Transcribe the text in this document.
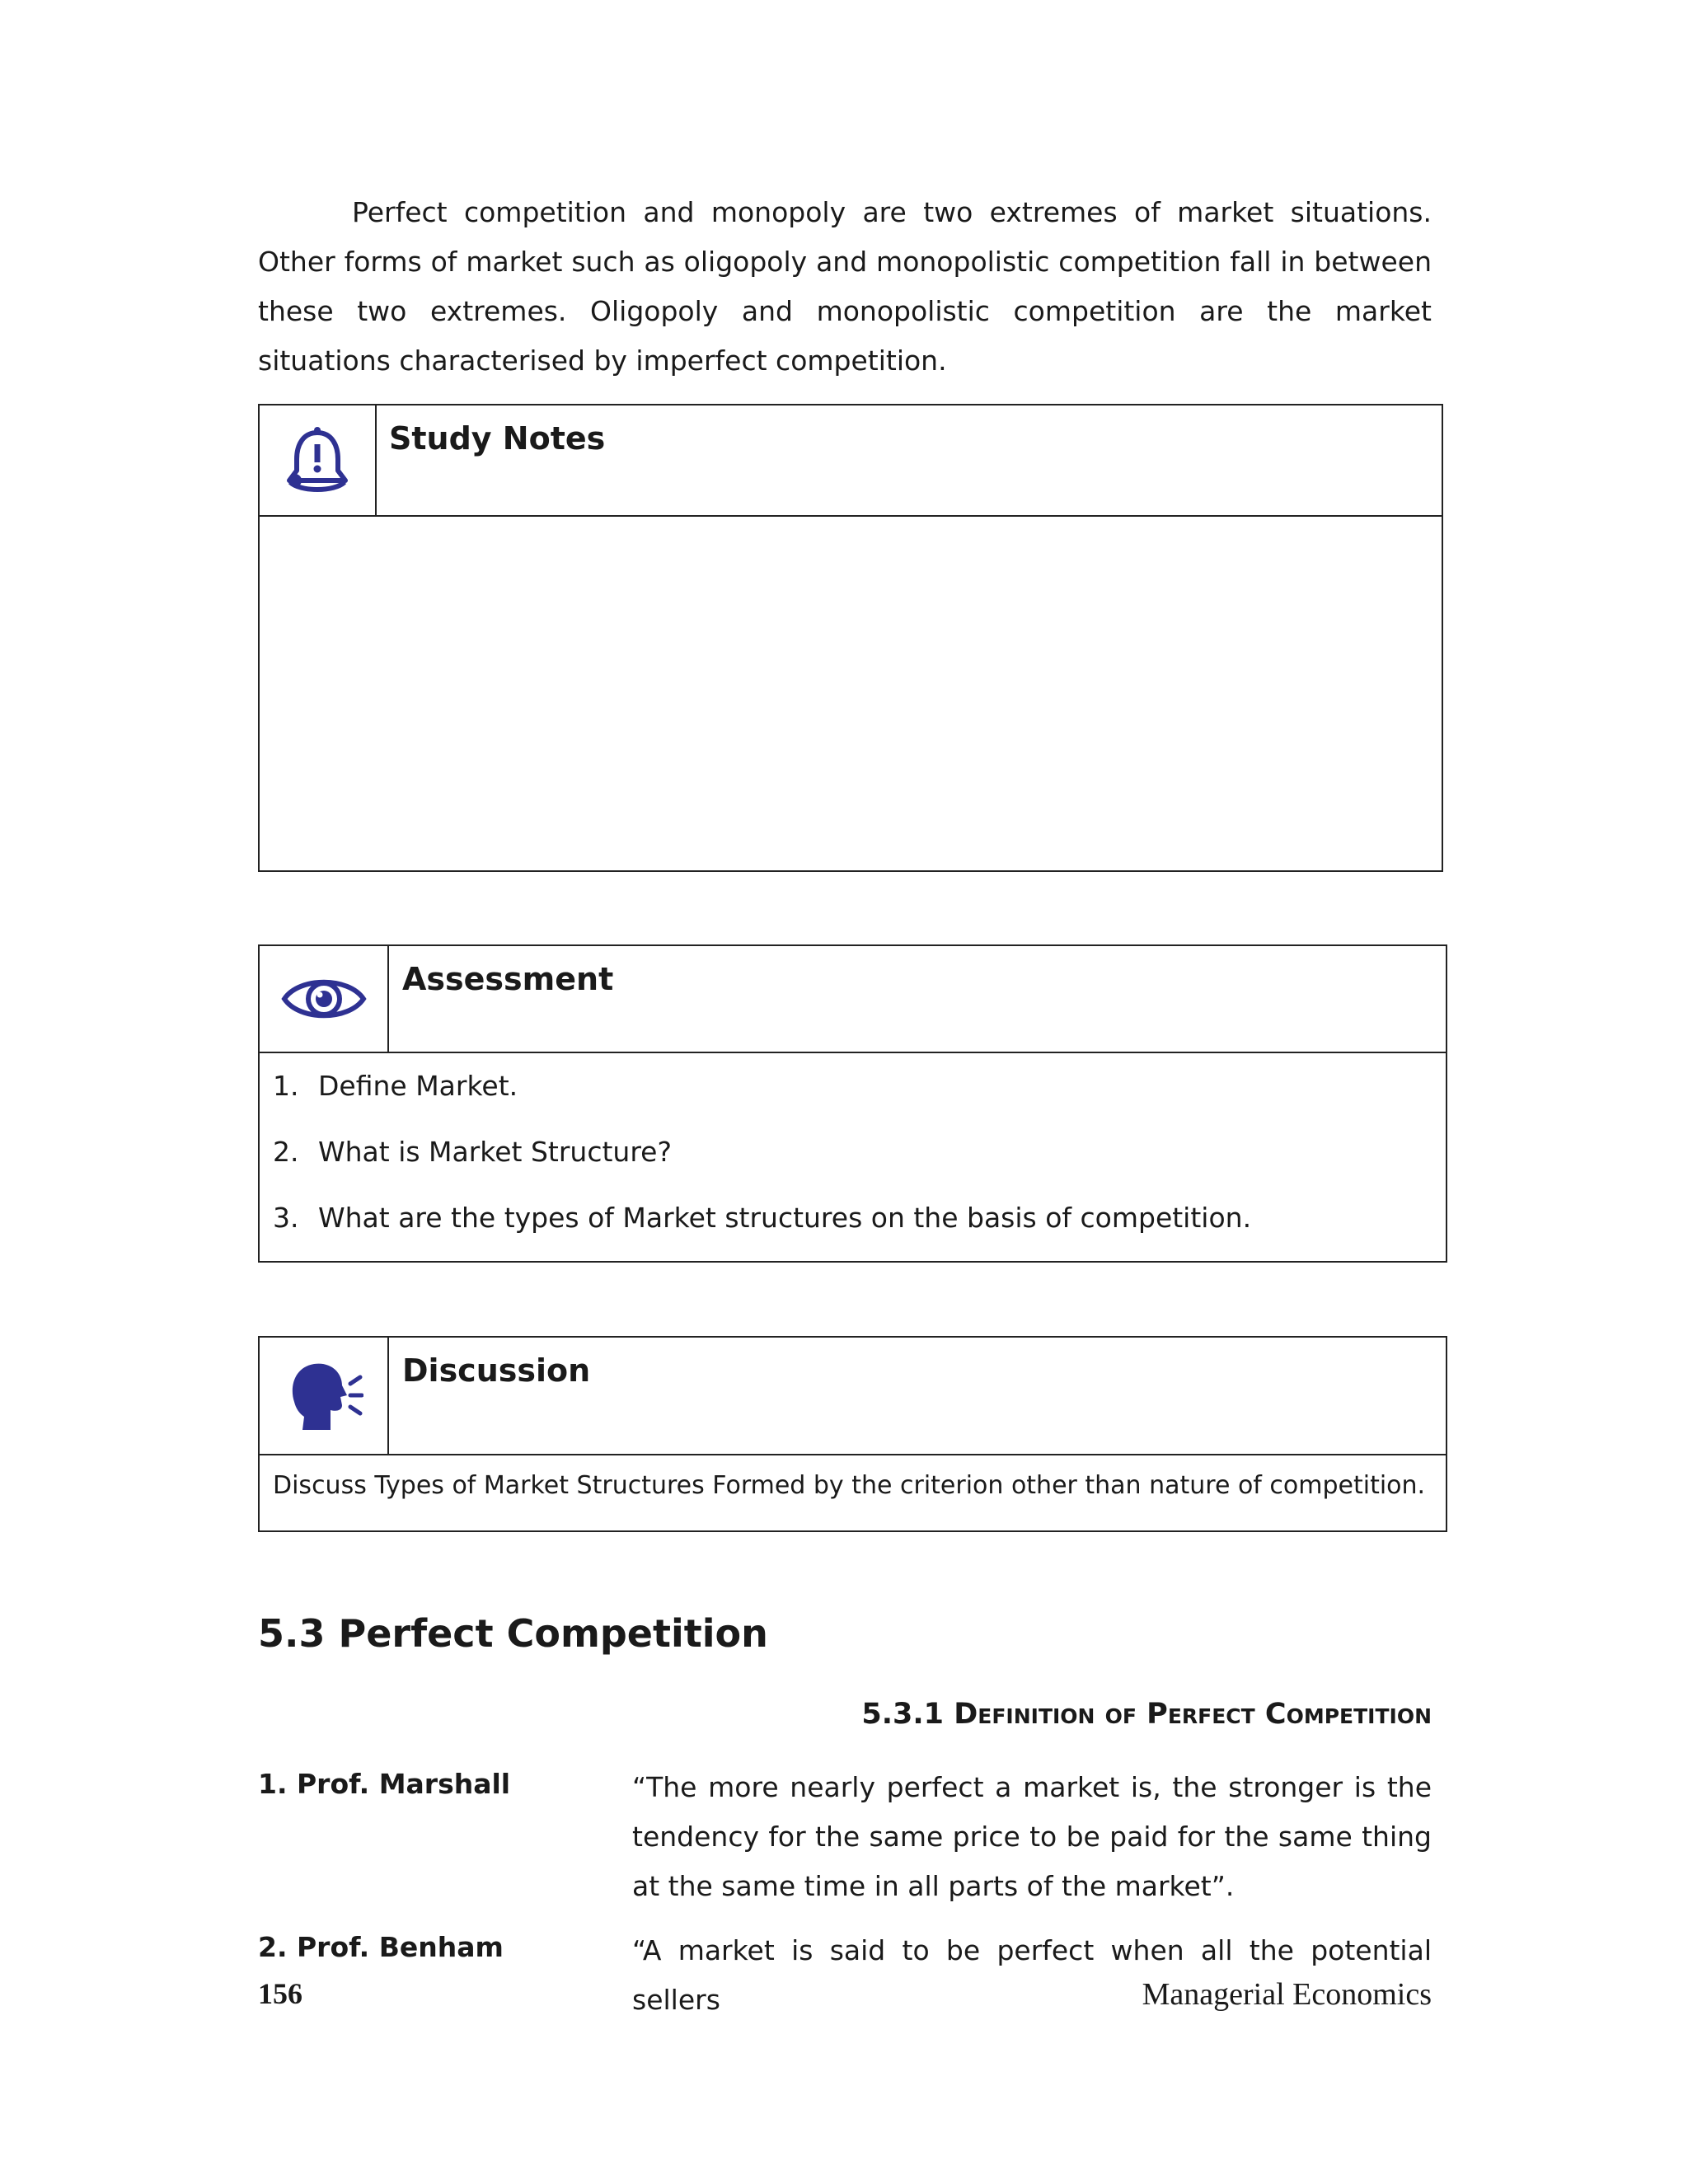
Perfect competition and monopoly are two extremes of market situations. Other forms of market such as oligopoly and monopolistic competition fall in between these two extremes. Oligopoly and monopolistic competition are the market situations characterised by imperfect competition.

Study Notes
Assessment
1. Define Market.
2. What is Market Structure?
3. What are the types of Market structures on the basis of competition.
Discussion
Discuss Types of Market Structures Formed by the criterion other than nature of competition.
5.3 Perfect Competition
5.3.1 Definition of Perfect Competition
1. Prof. Marshall	“The more nearly perfect a market is, the stronger is the tendency for the same price to be paid for the same thing at the same time in all parts of the market”.

2. Prof. Benham	“A market is said to be perfect when all the potential sellers

156	Managerial Economics
